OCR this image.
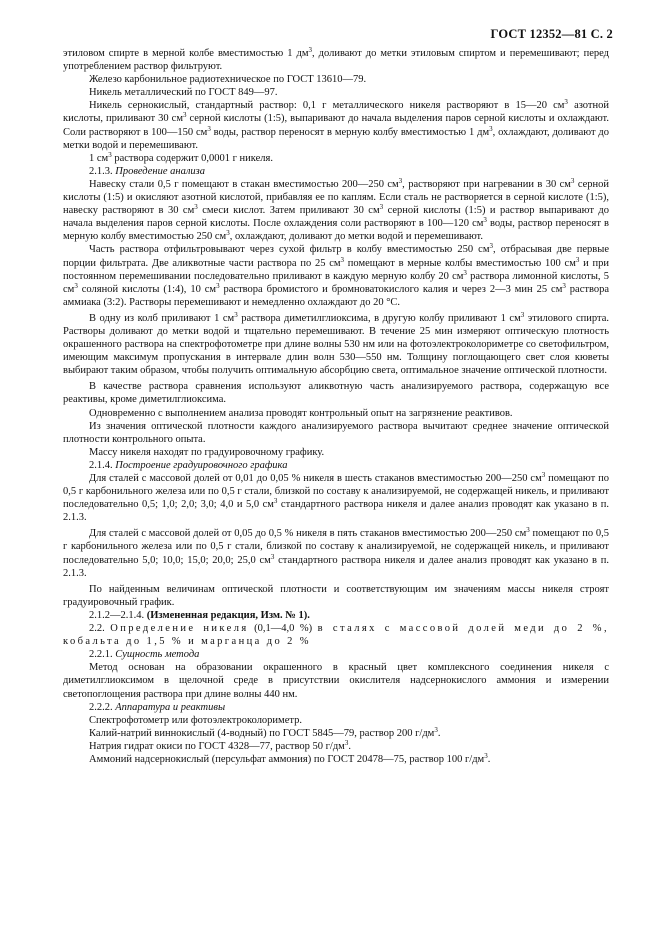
ГОСТ 12352—81 С. 2

этиловом спирте в мерной колбе вместимостью 1 $дм^3$, доливают до метки этиловым спиртом и перемешивают; перед употреблением раствор фильтруют.

Железо карбонильное радиотехническое по ГОСТ 13610—79.

Никель металлический по ГОСТ 849—97.

Никель сернокислый, стандартный раствор: 0,1 г металлического никеля растворяют в 15—20 $см^3$ азотной кислоты, приливают 30 $см^3$ серной кислоты (1:5), выпаривают до начала выделения паров серной кислоты и охлаждают. Соли растворяют в 100—150 $см^3$ воды, раствор переносят в мерную колбу вместимостью 1 $дм^3$, охлаждают, доливают до метки водой и перемешивают.

1 $см^3$ раствора содержит 0,0001 г никеля.

2.1.3. Проведение анализа

Навеску стали 0,5 г помещают в стакан вместимостью 200—250 $см^3$, растворяют при нагревании в 30 $см^3$ серной кислоты (1:5) и окисляют азотной кислотой, прибавляя ее по каплям. Если сталь не растворяется в серной кислоте (1:5), навеску растворяют в 30 $см^3$ смеси кислот. Затем приливают 30 $см^3$ серной кислоты (1:5) и раствор выпаривают до начала выделения паров серной кислоты. После охлаждения соли растворяют в 100—120 $см^3$ воды, раствор переносят в мерную колбу вместимостью 250 $см^3$, охлаждают, доливают до метки водой и перемешивают.

Часть раствора отфильтровывают через сухой фильтр в колбу вместимостью 250 $см^3$, отбрасывая две первые порции фильтрата. Две аликвотные части раствора по 25 $см^3$ помещают в мерные колбы вместимостью 100 $см^3$ и при постоянном перемешивании последовательно приливают в каждую мерную колбу 20 $см^3$ раствора лимонной кислоты, 5 $см^3$ соляной кислоты (1:4), 10 $см^3$ раствора бромистого и бромноватокислого калия и через 2—3 мин 25 $см^3$ раствора аммиака (3:2). Растворы перемешивают и немедленно охлаждают до 20 °С.

В одну из колб приливают 1 $см^3$ раствора диметилглиоксима, в другую колбу приливают 1 $см^3$ этилового спирта. Растворы доливают до метки водой и тщательно перемешивают. В течение 25 мин измеряют оптическую плотность окрашенного раствора на спектрофотометре при длине волны 530 нм или на фотоэлектроколориметре со светофильтром, имеющим максимум пропускания в интервале длин волн 530—550 нм. Толщину поглощающего свет слоя кюветы выбирают таким образом, чтобы получить оптимальную абсорбцию света, оптимальное значение оптической плотности.

В качестве раствора сравнения используют аликвотную часть анализируемого раствора, содержащую все реактивы, кроме диметилглиоксима.

Одновременно с выполнением анализа проводят контрольный опыт на загрязнение реактивов.

Из значения оптической плотности каждого анализируемого раствора вычитают среднее значение оптической плотности контрольного опыта.

Массу никеля находят по градуировочному графику.

2.1.4. Построение градуировочного графика

Для сталей с массовой долей от 0,01 до 0,05 % никеля в шесть стаканов вместимостью 200—250 $см^3$ помещают по 0,5 г карбонильного железа или по 0,5 г стали, близкой по составу к анализируемой, не содержащей никель, и приливают последовательно 0,5; 1,0; 2,0; 3,0; 4,0 и 5,0 $см^3$ стандартного раствора никеля и далее анализ проводят как указано в п. 2.1.3.

Для сталей с массовой долей от 0,05 до 0,5 % никеля в пять стаканов вместимостью 200—250 $см^3$ помещают по 0,5 г карбонильного железа или по 0,5 г стали, близкой по составу к анализируемой, не содержащей никель, и приливают последовательно 5,0; 10,0; 15,0; 20,0; 25,0 $см^3$ стандартного раствора никеля и далее анализ проводят как указано в п. 2.1.3.

По найденным величинам оптической плотности и соответствующим им значениям массы никеля строят градуировочный график.

2.1.2—2.1.4. (Измененная редакция, Изм. № 1).

2.2. Определение никеля (0,1—4,0 %) в сталях с массовой долей меди до 2 %, кобальта до 1,5 % и марганца до 2 %

2.2.1. Сущность метода

Метод основан на образовании окрашенного в красный цвет комплексного соединения никеля с диметилглиоксимом в щелочной среде в присутствии окислителя надсернокислого аммония и измерении светопоглощения раствора при длине волны 440 нм.

2.2.2. Аппаратура и реактивы

Спектрофотометр или фотоэлектроколориметр.

Калий-натрий виннокислый (4-водный) по ГОСТ 5845—79, раствор 200 $г/дм^3$.

Натрия гидрат окиси по ГОСТ 4328—77, раствор 50 $г/дм^3$.

Аммоний надсернокислый (персульфат аммония) по ГОСТ 20478—75, раствор 100 $г/дм^3$.
